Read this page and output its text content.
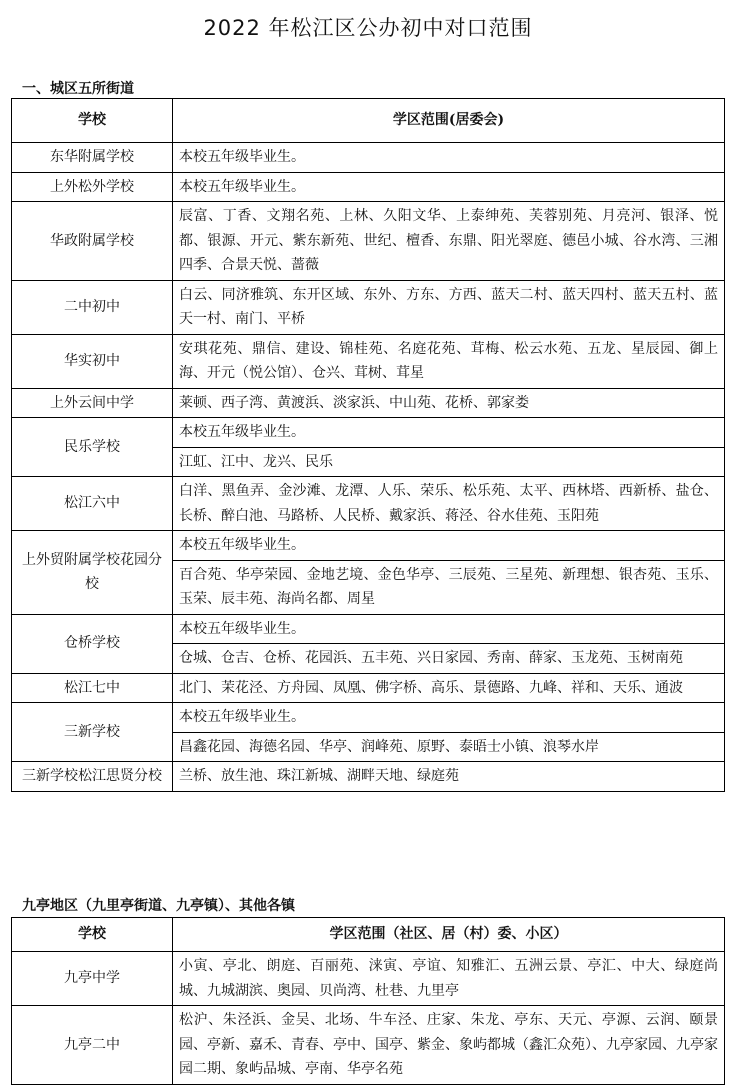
2022 年松江区公办初中对口范围
一、城区五所街道
学校	学区范围(居委会)
东华附属学校	本校五年级毕业生。
上外松外学校	本校五年级毕业生。
华政附属学校	辰富、丁香、文翔名苑、上林、久阳文华、上泰绅苑、芙蓉别苑、月亮河、银泽、悦都、银源、开元、紫东新苑、世纪、檀香、东鼎、阳光翠庭、德邑小城、谷水湾、三湘四季、合景天悦、蔷薇
二中初中	白云、同济雅筑、东开区域、东外、方东、方西、蓝天二村、蓝天四村、蓝天五村、蓝天一村、南门、平桥
华实初中	安琪花苑、鼎信、建设、锦桂苑、名庭花苑、茸梅、松云水苑、五龙、星辰园、御上海、开元（悦公馆）、仓兴、茸树、茸星
上外云间中学	莱顿、西子湾、黄渡浜、淡家浜、中山苑、花桥、郭家娄
民乐学校	本校五年级毕业生。
	江虹、江中、龙兴、民乐
松江六中	白洋、黑鱼弄、金沙滩、龙潭、人乐、荣乐、松乐苑、太平、西林塔、西新桥、盐仓、长桥、醉白池、马路桥、人民桥、戴家浜、蒋泾、谷水佳苑、玉阳苑
上外贸附属学校花园分校	本校五年级毕业生。
	百合苑、华亭荣园、金地艺境、金色华亭、三辰苑、三星苑、新理想、银杏苑、玉乐、玉荣、辰丰苑、海尚名都、周星
仓桥学校	本校五年级毕业生。
	仓城、仓吉、仓桥、花园浜、五丰苑、兴日家园、秀南、薛家、玉龙苑、玉树南苑
松江七中	北门、茉花泾、方舟园、凤凰、佛字桥、高乐、景德路、九峰、祥和、天乐、通波
三新学校	本校五年级毕业生。
	昌鑫花园、海德名园、华亭、润峰苑、原野、泰晤士小镇、浪琴水岸
三新学校松江思贤分校	兰桥、放生池、珠江新城、湖畔天地、绿庭苑
九亭地区（九里亭街道、九亭镇）、其他各镇
学校	学区范围（社区、居（村）委、小区）
九亭中学	小寅、亭北、朗庭、百丽苑、涞寅、亭谊、知雅汇、五洲云景、亭汇、中大、绿庭尚城、九城湖滨、奥园、贝尚湾、杜巷、九里亭
九亭二中	松沪、朱泾浜、金吴、北场、牛车泾、庄家、朱龙、亭东、天元、亭源、云润、颐景园、亭新、嘉禾、青春、亭中、国亭、紫金、象屿都城（鑫汇众苑）、九亭家园、九亭家园二期、象屿品城、亭南、华亭名苑
